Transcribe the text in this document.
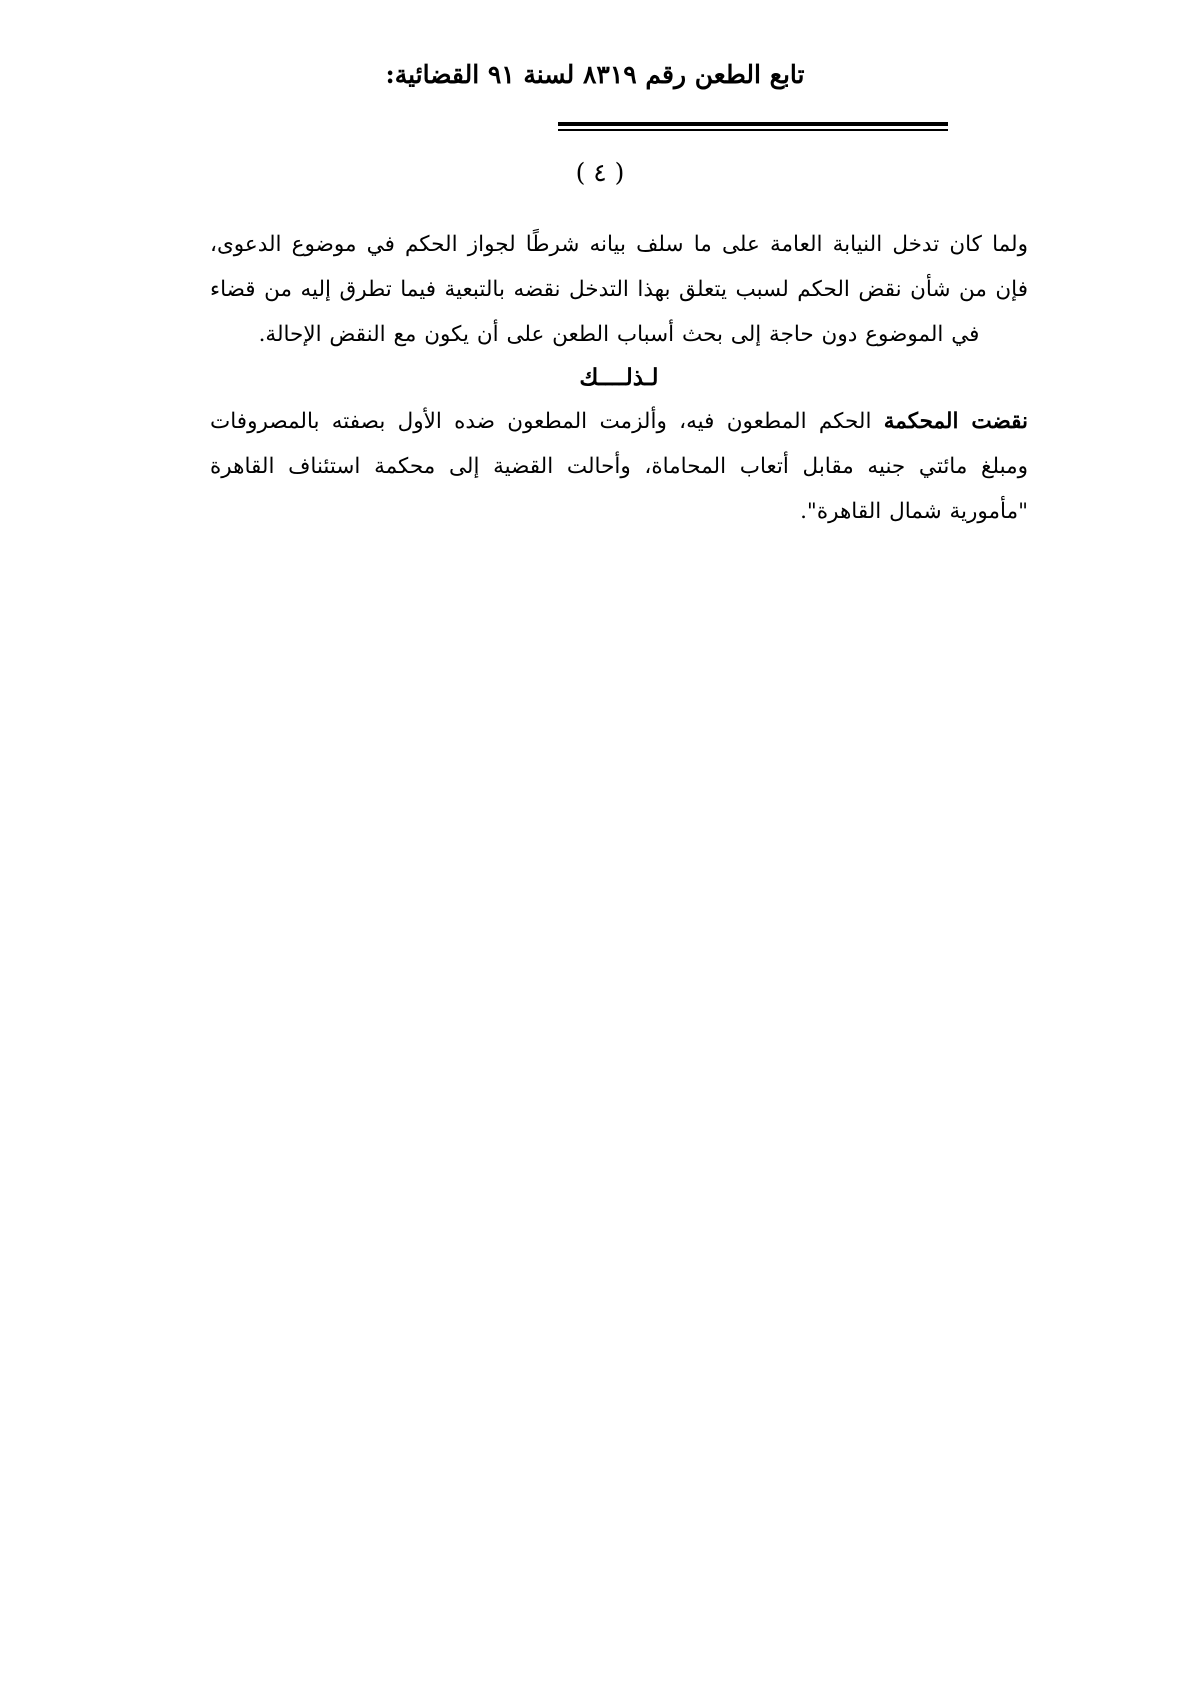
تابع الطعن رقم ٨٣١٩ لسنة ٩١ القضائية:
( ٤ )

ولما كان تدخل النيابة العامة على ما سلف بيانه شرطًا لجواز الحكم في موضوع الدعوى، فإن من شأن نقض الحكم لسبب يتعلق بهذا التدخل نقضه بالتبعية فيما تطرق إليه من قضاء في الموضوع دون حاجة إلى بحث أسباب الطعن على أن يكون مع النقض الإحالة.

لـذلــــك

نقضت المحكمة الحكم المطعون فيه، وألزمت المطعون ضده الأول بصفته بالمصروفات ومبلغ مائتي جنيه مقابل أتعاب المحاماة، وأحالت القضية إلى محكمة استئناف القاهرة "مأمورية شمال القاهرة".
